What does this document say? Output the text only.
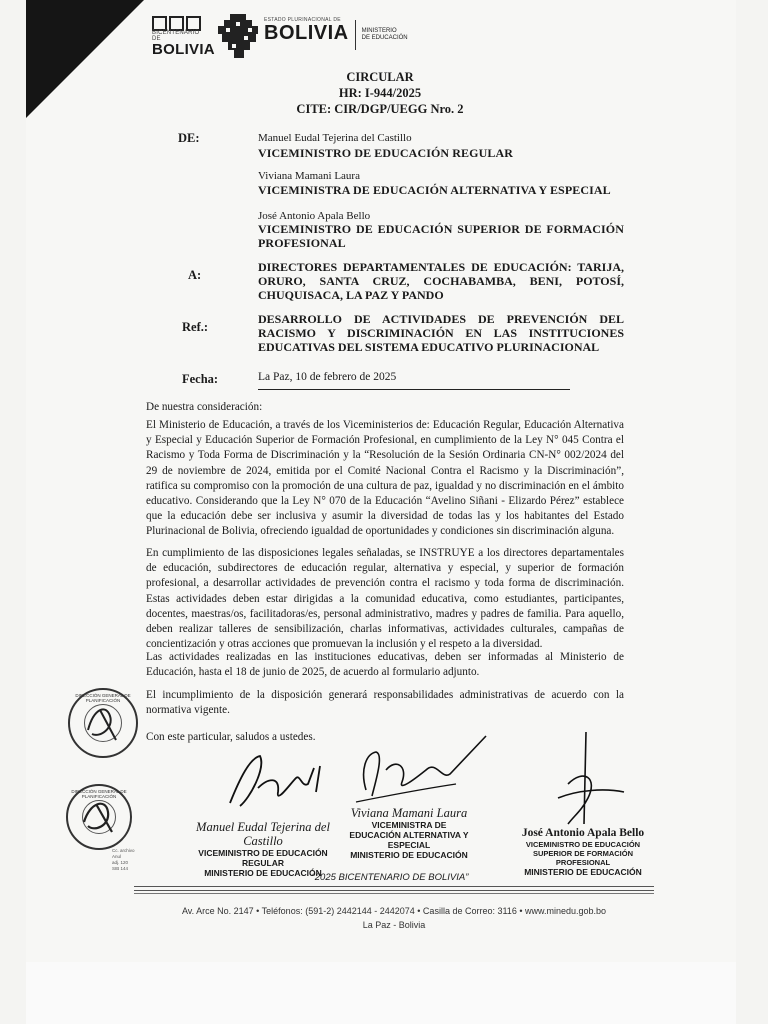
BICENTENARIO DE
BOLIVIA
ESTADO PLURINACIONAL DE
BOLIVIA MINISTERIO
DE EDUCACIÓN
CIRCULAR
HR: I-944/2025
CITE: CIR/DGP/UEGG Nro. 2
DE:	Manuel Eudal Tejerina del Castillo
VICEMINISTRO DE EDUCACIÓN REGULAR
Viviana Mamani Laura
VICEMINISTRA DE EDUCACIÓN ALTERNATIVA Y ESPECIAL
José Antonio Apala Bello
VICEMINISTRO DE EDUCACIÓN SUPERIOR DE FORMACIÓN PROFESIONAL
A:
DIRECTORES DEPARTAMENTALES DE EDUCACIÓN: TARIJA, ORURO, SANTA CRUZ, COCHABAMBA, BENI, POTOSÍ, CHUQUISACA, LA PAZ Y PANDO
Ref.:
DESARROLLO DE ACTIVIDADES DE PREVENCIÓN DEL RACISMO Y DISCRIMINACIÓN EN LAS INSTITUCIONES EDUCATIVAS DEL SISTEMA EDUCATIVO PLURINACIONAL
Fecha:	La Paz, 10 de febrero de 2025
De nuestra consideración:
El Ministerio de Educación, a través de los Viceministerios de: Educación Regular, Educación Alternativa y Especial y Educación Superior de Formación Profesional, en cumplimiento de la Ley N° 045 Contra el Racismo y Toda Forma de Discriminación y la “Resolución de la Sesión Ordinaria CN-N° 002/2024 del 29 de noviembre de 2024, emitida por el Comité Nacional Contra el Racismo y la Discriminación”, ratifica su compromiso con la promoción de una cultura de paz, igualdad y no discriminación en el ámbito educativo. Considerando que la Ley N° 070 de la Educación “Avelino Siñani - Elizardo Pérez” establece que la educación debe ser inclusiva y asumir la diversidad de todas las y los habitantes del Estado Plurinacional de Bolivia, ofreciendo igualdad de oportunidades y condiciones sin discriminación alguna.
En cumplimiento de las disposiciones legales señaladas, se INSTRUYE a los directores departamentales de educación, subdirectores de educación regular, alternativa y especial, y superior de formación profesional, a desarrollar actividades de prevención contra el racismo y toda forma de discriminación. Estas actividades deben estar dirigidas a la comunidad educativa, como estudiantes, participantes, docentes, maestras/os, facilitadoras/es, personal administrativo, madres y padres de familia. Para aquello, deben realizar talleres de sensibilización, charlas informativas, actividades culturales, campañas de concientización y otras acciones que promuevan la inclusión y el respeto a la diversidad.
Las actividades realizadas en las instituciones educativas, deben ser informadas al Ministerio de Educación, hasta el 18 de junio de 2025, de acuerdo al formulario adjunto.
El incumplimiento de la disposición generará responsabilidades administrativas de acuerdo con la normativa vigente.
Con este particular, saludos a ustedes.
DIRECCIÓN GENERAL DE PLANIFICACIÓN
DIRECCIÓN GENERAL DE PLANIFICACIÓN
Cc. archivo
Anul
adj. 120
SIB 144
Manuel Eudal Tejerina del Castillo
VICEMINISTRO DE EDUCACIÓN REGULAR
MINISTERIO DE EDUCACIÓN
Viviana Mamani Laura
VICEMINISTRA DE EDUCACIÓN ALTERNATIVA Y ESPECIAL
MINISTERIO DE EDUCACIÓN
José Antonio Apala Bello
VICEMINISTRO DE EDUCACIÓN SUPERIOR DE FORMACIÓN PROFESIONAL
MINISTERIO DE EDUCACIÓN
“2025 BICENTENARIO DE BOLIVIA”
Av. Arce No. 2147 • Teléfonos: (591-2) 2442144 - 2442074 • Casilla de Correo: 3116 • www.minedu.gob.bo
La Paz - Bolivia
